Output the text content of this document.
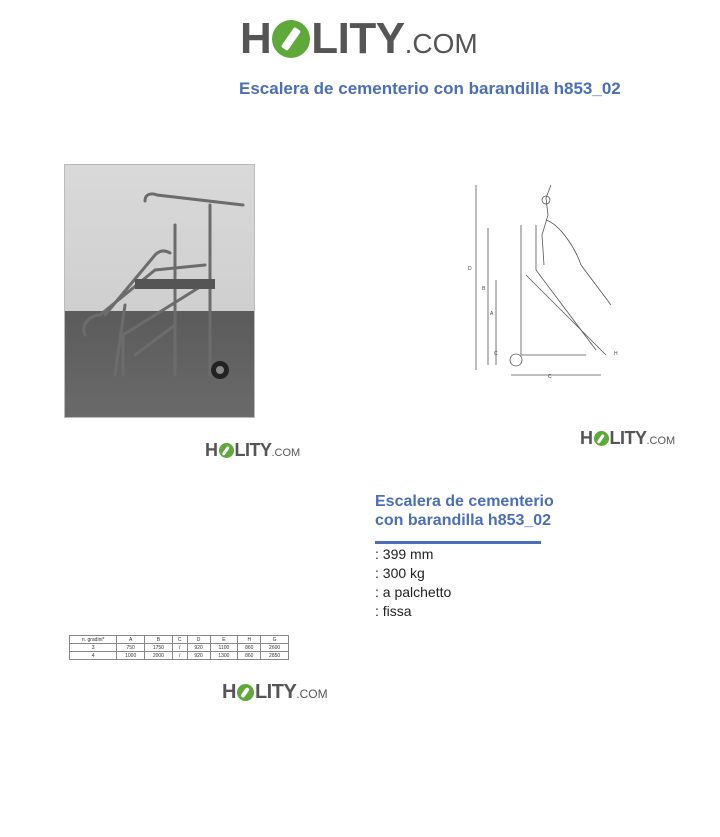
H LITY .COM
Escalera de cementerio con barandilla h853_02
D
B
A
C	H
C
H LITY .COM
H LITY .COM
Escalera de cementerio
con barandilla h853_02
: 399 mm
: 300 kg
: a palchetto
: fissa
n. gradini*	A	B	C	D	E	H	G
3	750	1750	/	920	1100	860	2600
4	1000	2000	/	920	1300	860	2850
H LITY .COM
